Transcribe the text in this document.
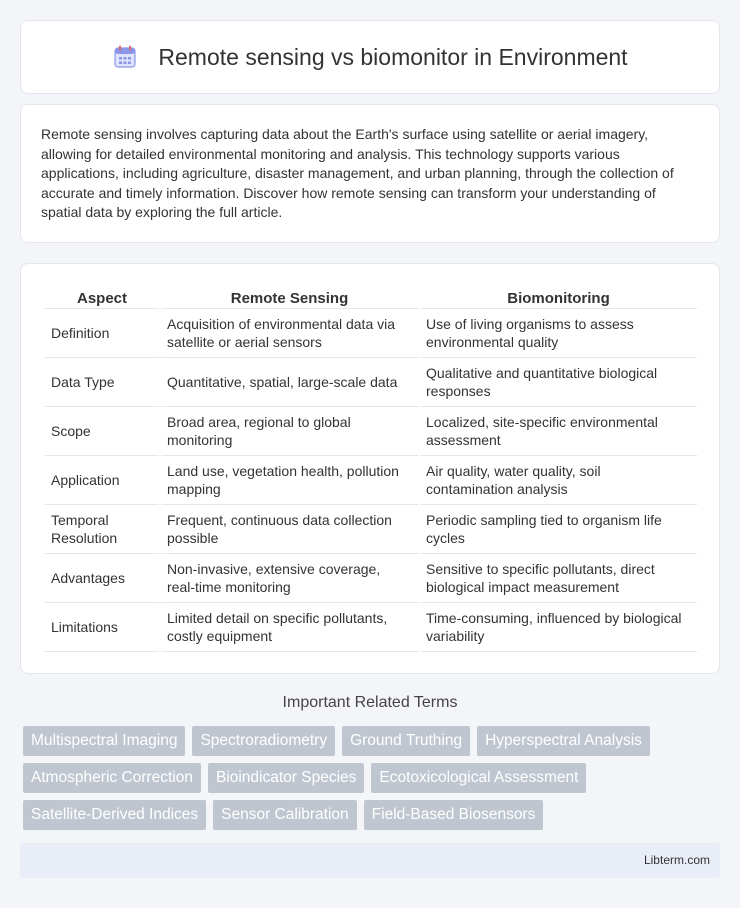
Remote sensing vs biomonitor in Environment

Remote sensing involves capturing data about the Earth's surface using satellite or aerial imagery, allowing for detailed environmental monitoring and analysis. This technology supports various applications, including agriculture, disaster management, and urban planning, through the collection of accurate and timely information. Discover how remote sensing can transform your understanding of spatial data by exploring the full article.

Aspect	Remote Sensing	Biomonitoring
Definition	Acquisition of environmental data via satellite or aerial sensors	Use of living organisms to assess environmental quality
Data Type	Quantitative, spatial, large-scale data	Qualitative and quantitative biological responses
Scope	Broad area, regional to global monitoring	Localized, site-specific environmental assessment
Application	Land use, vegetation health, pollution mapping	Air quality, water quality, soil contamination analysis
Temporal Resolution	Frequent, continuous data collection possible	Periodic sampling tied to organism life cycles
Advantages	Non-invasive, extensive coverage, real-time monitoring	Sensitive to specific pollutants, direct biological impact measurement
Limitations	Limited detail on specific pollutants, costly equipment	Time-consuming, influenced by biological variability
Important Related Terms
Multispectral Imaging	Spectroradiometry	Ground Truthing	Hyperspectral Analysis
Atmospheric Correction	Bioindicator Species	Ecotoxicological Assessment
Satellite-Derived Indices	Sensor Calibration	Field-Based Biosensors
Libterm.com
